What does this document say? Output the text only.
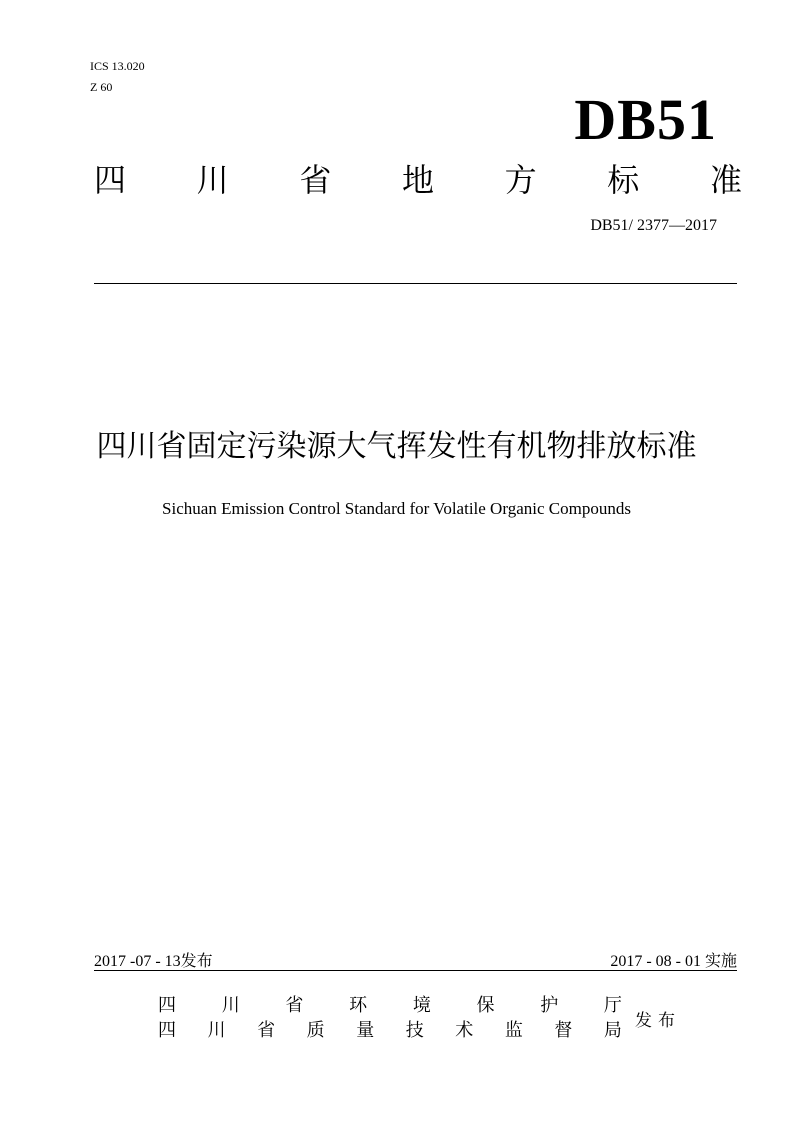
ICS 13.020
Z 60	DB51
四 川 省 地 方 标 准
DB51/ 2377—2017
四川省固定污染源大气挥发性有机物排放标准
Sichuan Emission Control Standard for Volatile Organic Compounds
2017 -07 - 13发布	2017 - 08 - 01 实施
四	川	省	环	境	保	护	厅
四 川 省 质 量 技 术 监 督 局 发布
